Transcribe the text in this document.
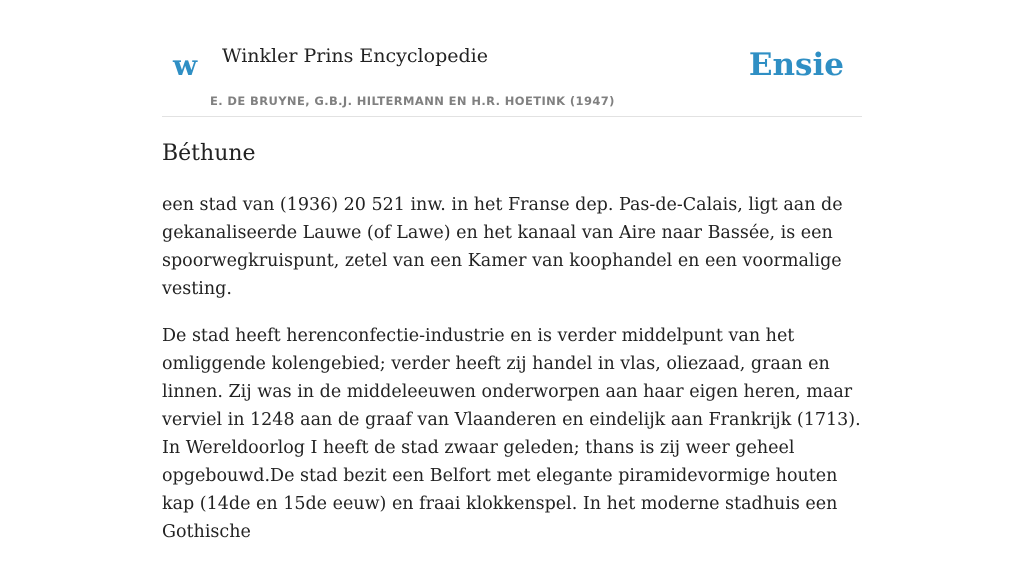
w Winkler Prins Encyclopedie
E. DE BRUYNE, G.B.J. HILTERMANN EN H.R. HOETINK (1947)
Ensie
Béthune

een stad van (1936) 20 521 inw. in het Franse dep. Pas-de-Calais, ligt aan de gekanaliseerde Lauwe (of Lawe) en het kanaal van Aire naar Bassée, is een spoorwegkruispunt, zetel van een Kamer van koophandel en een voormalige vesting.

De stad heeft herenconfectie-industrie en is verder middelpunt van het omliggende kolengebied; verder heeft zij handel in vlas, oliezaad, graan en linnen. Zij was in de middeleeuwen onderworpen aan haar eigen heren, maar verviel in 1248 aan de graaf van Vlaanderen en eindelijk aan Frankrijk (1713). In Wereldoorlog I heeft de stad zwaar geleden; thans is zij weer geheel opgebouwd.De stad bezit een Belfort met elegante piramidevormige houten kap (14de en 15de eeuw) en fraai klokkenspel. In het moderne stadhuis een Gothische
